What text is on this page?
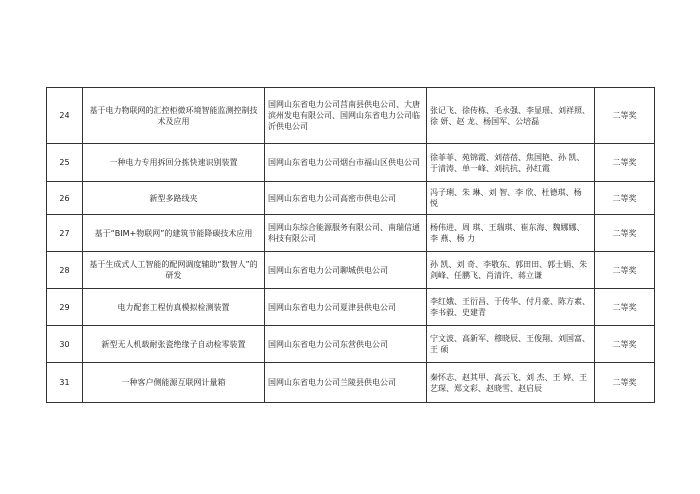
24	基于电力物联网的汇控柜微环境智能监测控制技术及应用	国网山东省电力公司莒南县供电公司、大唐滨州发电有限公司、国网山东省电力公司临沂供电公司	张记飞、徐传栋、毛永强、李显瑶、刘祥照、徐 妍、赵 龙、杨国军、公培磊	二等奖
25	一种电力专用拆回分拣快速识别装置	国网山东省电力公司烟台市福山区供电公司	徐菲菲、苑锦霞、刘蓓蓓、焦国艳、孙 凯、于清涛、单一峰、刘抗抗、孙红霞	二等奖
26	新型多路线夹	国网山东省电力公司高密市供电公司	冯子琍、朱 琳、刘 智、李 欣、杜德琪、杨 悦	二等奖
27	基于“BIM+物联网”的建筑节能降碳技术应用	国网山东综合能源服务有限公司、南瑞信通科技有限公司	杨伟进、周 琪、王瑞琪、崔东海、魏娜娜、李 燕、杨 力	二等奖
28	基于生成式人工智能的配网调度辅助“数智人”的研发	国网山东省电力公司聊城供电公司	孙 凯、刘 奇、李敬东、郭田田、郭士娟、朱剑峰、任鹏飞、肖清许、蒋立谦	二等奖
29	电力配套工程仿真模拟检测装置	国网山东省电力公司夏津县供电公司	李红娥、王衍昌、于传华、付月豪、陈方素、李书毅、史建青	二等奖
30	新型无人机载耐张瓷绝缘子自动检零装置	国网山东省电力公司东营供电公司	宁文波、高新军、穆晓辰、王俊翔、刘国富、王 硕	二等奖
31	一种客户侧能源互联网计量箱	国网山东省电力公司兰陵县供电公司	秦怀志、赵其甲、高云飞、刘 杰、王 婷、王艺琛、郑文彩、赵晓雪、赵启辰	二等奖
